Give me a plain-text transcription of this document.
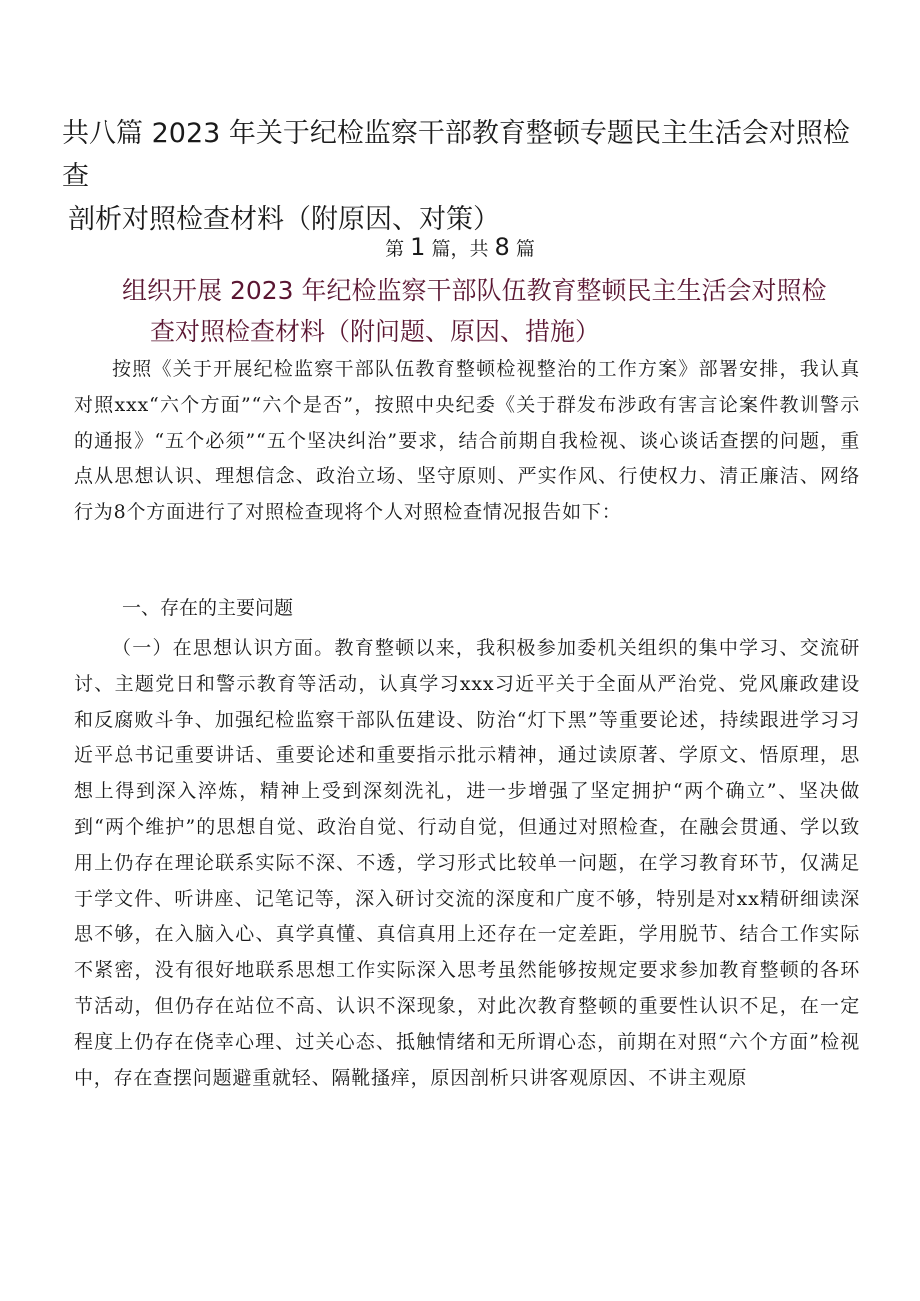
共八篇 2023 年关于纪检监察干部教育整顿专题民主生活会对照检查
剖析对照检查材料（附原因、对策）
第 1 篇，共 8 篇
组织开展 2023 年纪检监察干部队伍教育整顿民主生活会对照检
查对照检查材料（附问题、原因、措施）

按照《关于开展纪检监察干部队伍教育整顿检视整治的工作方案》部署安排，我认真对照xxx“六个方面”“六个是否”，按照中央纪委《关于群发布涉政有害言论案件教训警示的通报》“五个必须”“五个坚决纠治”要求，结合前期自我检视、谈心谈话查摆的问题，重点从思想认识、理想信念、政治立场、坚守原则、严实作风、行使权力、清正廉洁、网络行为8个方面进行了对照检查现将个人对照检查情况报告如下：

一、存在的主要问题

（一）在思想认识方面。教育整顿以来，我积极参加委机关组织的集中学习、交流研讨、主题党日和警示教育等活动，认真学习xxx习近平关于全面从严治党、党风廉政建设和反腐败斗争、加强纪检监察干部队伍建设、防治“灯下黑”等重要论述，持续跟进学习习近平总书记重要讲话、重要论述和重要指示批示精神，通过读原著、学原文、悟原理，思想上得到深入淬炼，精神上受到深刻洗礼，进一步增强了坚定拥护“两个确立”、坚决做到“两个维护”的思想自觉、政治自觉、行动自觉，但通过对照检查，在融会贯通、学以致用上仍存在理论联系实际不深、不透，学习形式比较单一问题，在学习教育环节，仅满足于学文件、听讲座、记笔记等，深入研讨交流的深度和广度不够，特别是对xx精研细读深思不够，在入脑入心、真学真懂、真信真用上还存在一定差距，学用脱节、结合工作实际不紧密，没有很好地联系思想工作实际深入思考虽然能够按规定要求参加教育整顿的各环节活动，但仍存在站位不高、认识不深现象，对此次教育整顿的重要性认识不足，在一定程度上仍存在侥幸心理、过关心态、抵触情绪和无所谓心态，前期在对照“六个方面”检视中，存在查摆问题避重就轻、隔靴搔痒，原因剖析只讲客观原因、不讲主观原
